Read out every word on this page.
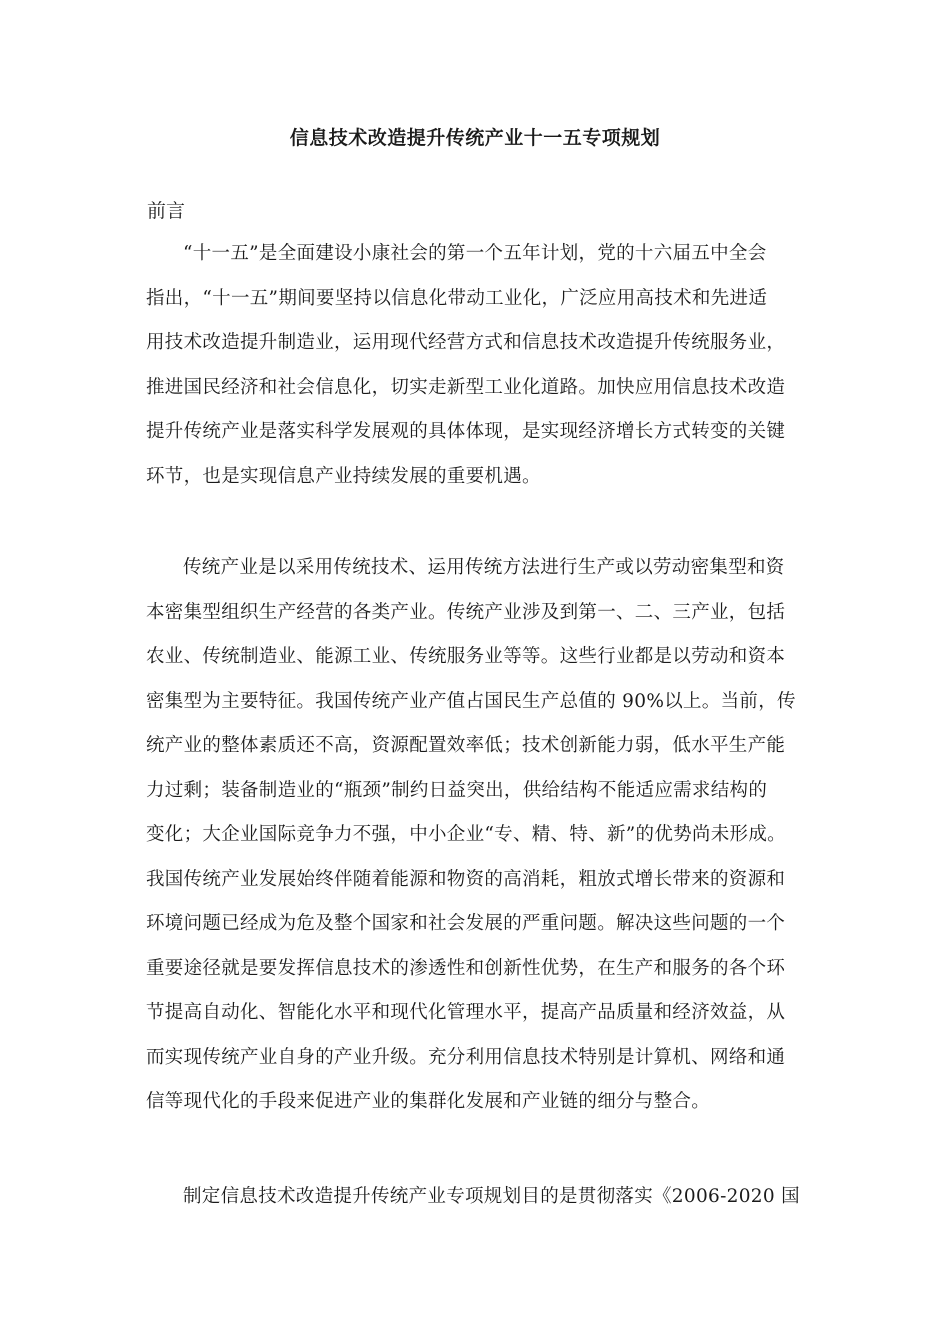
信息技术改造提升传统产业十一五专项规划
前言
“十一五”是全面建设小康社会的第一个五年计划，党的十六届五中全会
指出，“十一五”期间要坚持以信息化带动工业化，广泛应用高技术和先进适
用技术改造提升制造业，运用现代经营方式和信息技术改造提升传统服务业，
推进国民经济和社会信息化，切实走新型工业化道路。加快应用信息技术改造
提升传统产业是落实科学发展观的具体体现，是实现经济增长方式转变的关键
环节，也是实现信息产业持续发展的重要机遇。
传统产业是以采用传统技术、运用传统方法进行生产或以劳动密集型和资
本密集型组织生产经营的各类产业。传统产业涉及到第一、二、三产业，包括
农业、传统制造业、能源工业、传统服务业等等。这些行业都是以劳动和资本
密集型为主要特征。我国传统产业产值占国民生产总值的 90%以上。当前，传
统产业的整体素质还不高，资源配置效率低；技术创新能力弱，低水平生产能
力过剩；装备制造业的“瓶颈”制约日益突出，供给结构不能适应需求结构的
变化；大企业国际竞争力不强，中小企业“专、精、特、新”的优势尚未形成。
我国传统产业发展始终伴随着能源和物资的高消耗，粗放式增长带来的资源和
环境问题已经成为危及整个国家和社会发展的严重问题。解决这些问题的一个
重要途径就是要发挥信息技术的渗透性和创新性优势，在生产和服务的各个环
节提高自动化、智能化水平和现代化管理水平，提高产品质量和经济效益，从
而实现传统产业自身的产业升级。充分利用信息技术特别是计算机、网络和通
信等现代化的手段来促进产业的集群化发展和产业链的细分与整合。
制定信息技术改造提升传统产业专项规划目的是贯彻落实《2006-2020 国
